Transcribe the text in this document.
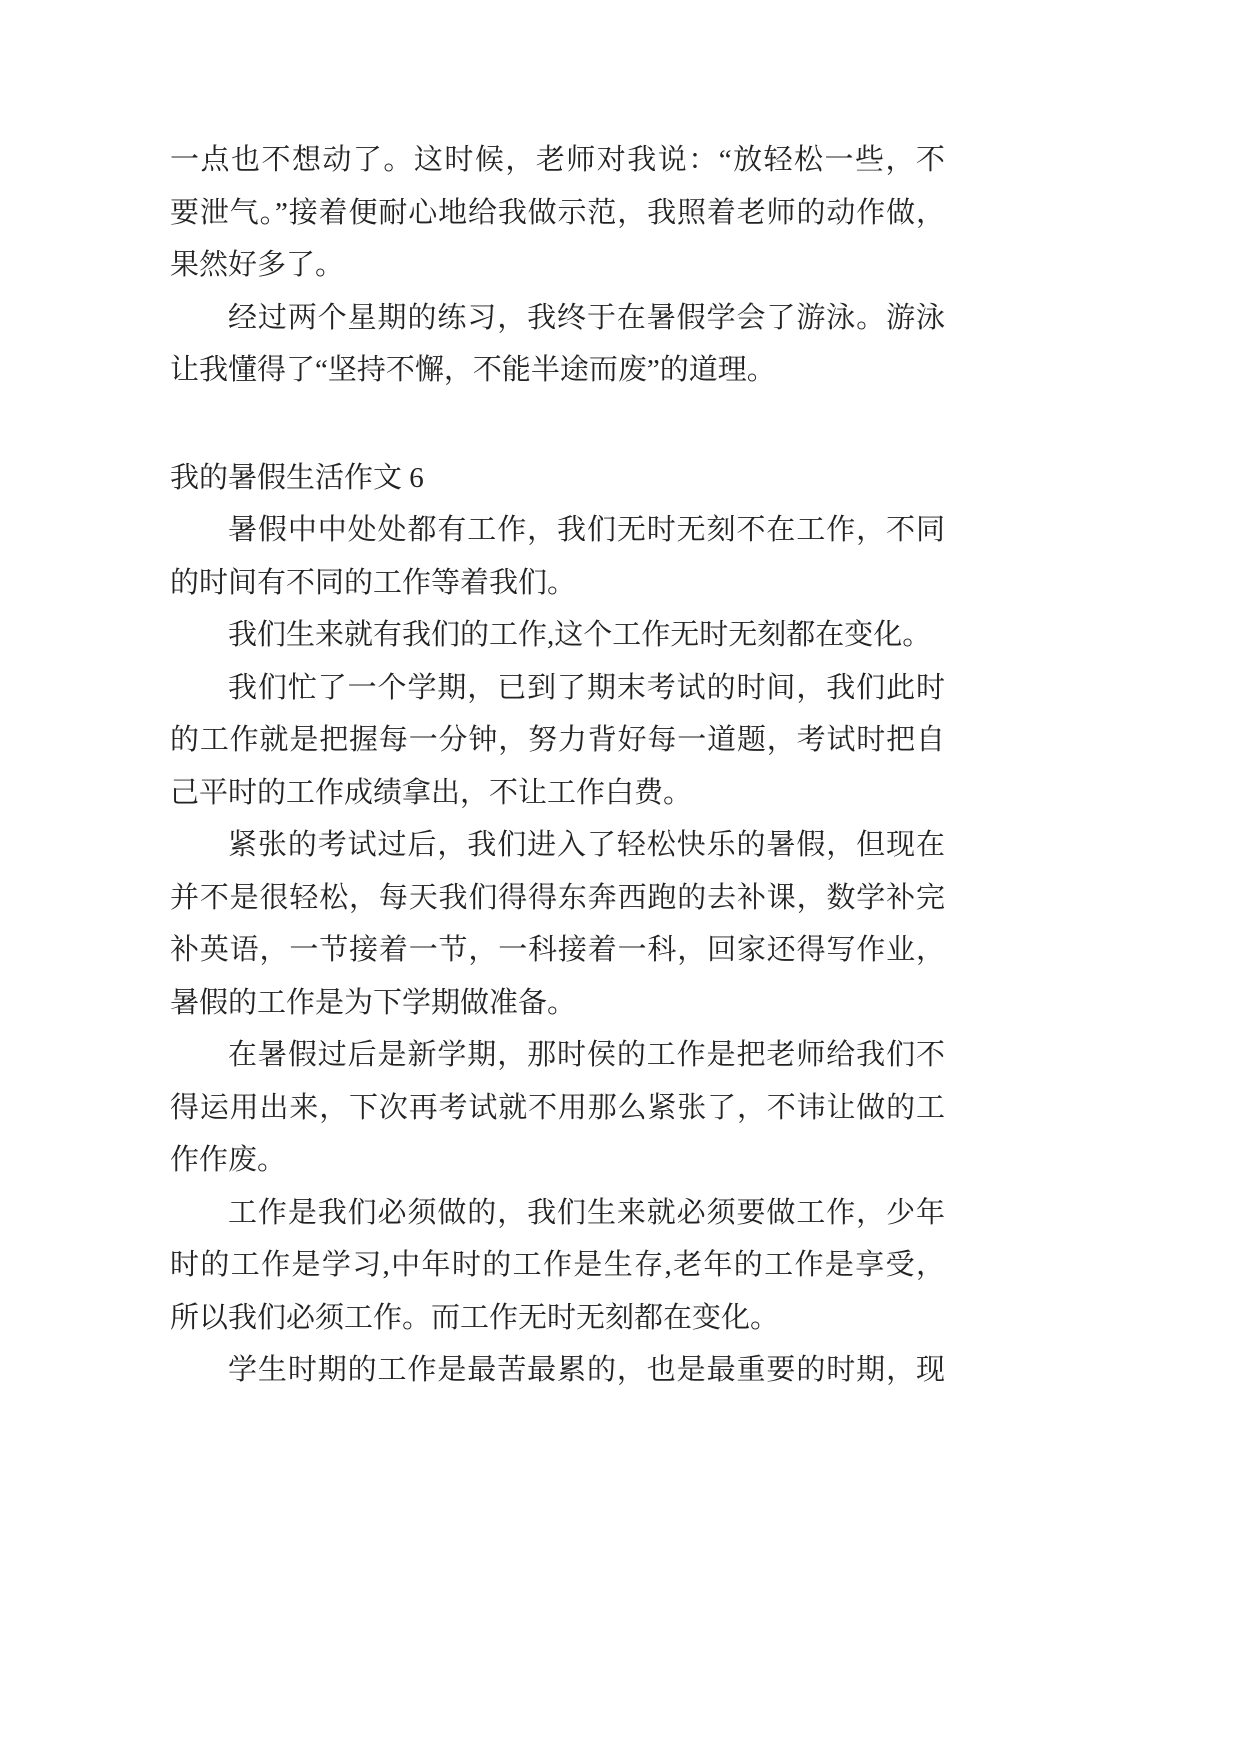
一点也不想动了。这时候，老师对我说：“放轻松一些，不
要泄气。”接着便耐心地给我做示范，我照着老师的动作做，
果然好多了。
经过两个星期的练习，我终于在暑假学会了游泳。游泳
让我懂得了“坚持不懈，不能半途而废”的道理。
我的暑假生活作文 6
暑假中中处处都有工作，我们无时无刻不在工作，不同
的时间有不同的工作等着我们。
我们生来就有我们的工作,这个工作无时无刻都在变化。
我们忙了一个学期，已到了期末考试的时间，我们此时
的工作就是把握每一分钟，努力背好每一道题，考试时把自
己平时的工作成绩拿出，不让工作白费。
紧张的考试过后，我们进入了轻松快乐的暑假，但现在
并不是很轻松，每天我们得得东奔西跑的去补课，数学补完
补英语，一节接着一节，一科接着一科，回家还得写作业，
暑假的工作是为下学期做准备。
在暑假过后是新学期，那时侯的工作是把老师给我们不
得运用出来，下次再考试就不用那么紧张了，不讳让做的工
作作废。
工作是我们必须做的，我们生来就必须要做工作，少年
时的工作是学习,中年时的工作是生存,老年的工作是享受，
所以我们必须工作。而工作无时无刻都在变化。
学生时期的工作是最苦最累的，也是最重要的时期，现
